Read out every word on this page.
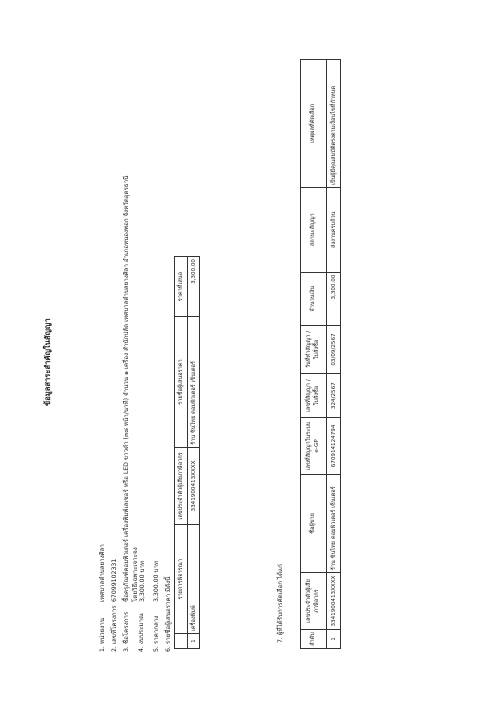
ข้อมูลสาระสำคัญในสัญญา
1. หน่วยงาน
เทศบาลตำบลยางศิลา
2. เลขที่โครงการ
67099102331
3. ชื่อโครงการ
ซื้อครุภัณฑ์คอมพิวเตอร์ เครื่องพิมพ์เลเซอร์ หรือ LED ขาวดำ (๓๘ หน้า/นาที) จำนวน ๑ เครื่อง สำนักปลัด เทศบาลตำบลยางศิลา อำเภอหนองพอก จังหวัดอุดรธานี
4. งบประมาณ
โดยวิธีเฉพาะเจาะจง 3,300.00 บาท
5. ราคากลาง
3,300.00 บาท 6. รายชื่อผู้เสนอราคา มีดังนี้
	รายการพิจารณา	เลขประจำตัวผู้เสียภาษีอากร	รายชื่อผู้เสนอราคา	ราคาที่เสนอ
1	เครื่องพิมพ์	3341900413XXXX	ร้าน ซินไทย คอมพิวเตอร์ เซ็นเตอร์	3,300.00
7. ผู้ที่ได้รับการคัดเลือก ได้แก่	ลำดับ	เลขประจำตัวผู้เสียภาษีอากร	ชื่อผู้ขาย	เลขที่สัญญาในระบบ e-GP	เลขที่สัญญา / ใบสั่งซื้อ	วันที่ทำสัญญา / ใบสั่งซื้อ	จำนวนเงิน	สถานะสัญญา	เหตุผลที่คัดเลือก
1	3341900413XXXX	ร้าน ซินไทย คอมพิวเตอร์ เซ็นเตอร์	670914124794	324/2567	03/09/2567	3,300.00	ส่งงานครบถ้วน	เป็นผู้มีคุณสมบัติตรงตามเงื่อนไขที่กำหนด
